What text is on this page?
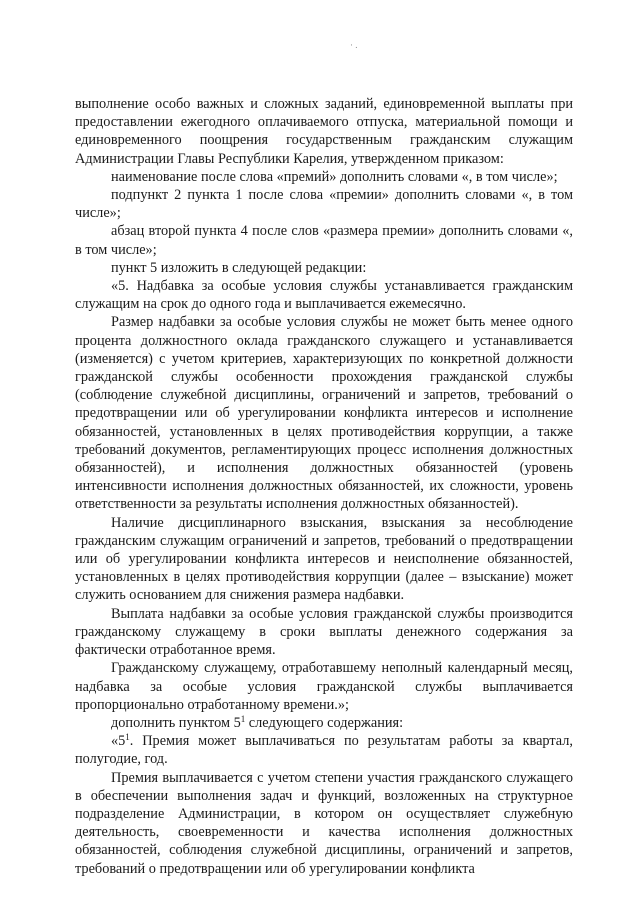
· .

выполнение особо важных и сложных заданий, единовременной выплаты при предоставлении ежегодного оплачиваемого отпуска, материальной помощи и единовременного поощрения государственным гражданским служащим Администрации Главы Республики Карелия, утвержденном приказом:

наименование после слова «премий» дополнить словами «, в том числе»;

подпункт 2 пункта 1 после слова «премии» дополнить словами «, в том числе»;

абзац второй пункта 4 после слов «размера премии» дополнить словами «, в том числе»;

пункт 5 изложить в следующей редакции:

«5. Надбавка за особые условия службы устанавливается гражданским служащим на срок до одного года и выплачивается ежемесячно.

Размер надбавки за особые условия службы не может быть менее одного процента должностного оклада гражданского служащего и устанавливается (изменяется) с учетом критериев, характеризующих по конкретной должности гражданской службы особенности прохождения гражданской службы (соблюдение служебной дисциплины, ограничений и запретов, требований о предотвращении или об урегулировании конфликта интересов и исполнение обязанностей, установленных в целях противодействия коррупции, а также требований документов, регламентирующих процесс исполнения должностных обязанностей), и исполнения должностных обязанностей (уровень интенсивности исполнения должностных обязанностей, их сложности, уровень ответственности за результаты исполнения должностных обязанностей).

Наличие дисциплинарного взыскания, взыскания за несоблюдение гражданским служащим ограничений и запретов, требований о предотвращении или об урегулировании конфликта интересов и неисполнение обязанностей, установленных в целях противодействия коррупции (далее – взыскание) может служить основанием для снижения размера надбавки.

Выплата надбавки за особые условия гражданской службы производится гражданскому служащему в сроки выплаты денежного содержания за фактически отработанное время.

Гражданскому служащему, отработавшему неполный календарный месяц, надбавка за особые условия гражданской службы выплачивается пропорционально отработанному времени.»;

дополнить пунктом $5^1$ следующего содержания:

«$5^1$. Премия может выплачиваться по результатам работы за квартал, полугодие, год.

Премия выплачивается с учетом степени участия гражданского служащего в обеспечении выполнения задач и функций, возложенных на структурное подразделение Администрации, в котором он осуществляет служебную деятельность, своевременности и качества исполнения должностных обязанностей, соблюдения служебной дисциплины, ограничений и запретов, требований о предотвращении или об урегулировании конфликта
